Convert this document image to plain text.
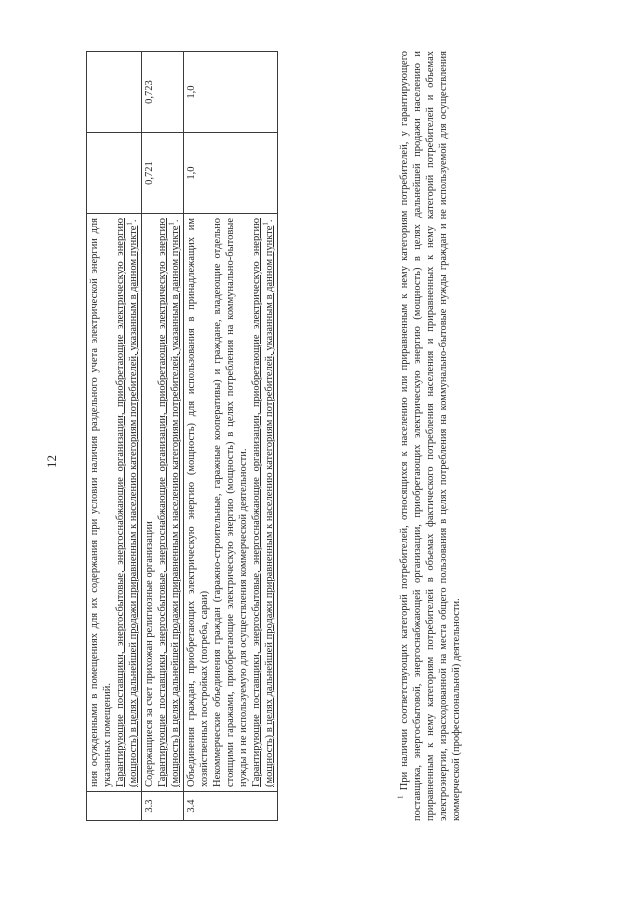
12

	ния осужденными в помещениях для их содержания при условии наличия раздельного учета электрической энергии для указанных помещений. Гарантирующие поставщики, энергосбытовые, энергоснабжающие организации, приобретающие электрическую энергию (мощность) в целях дальнейшей продажи приравненным к населению категориям потребителей, указанным в данном пункте$^1$.		

3.3	Содержащиеся за счет прихожан религиозные организации Гарантирующие поставщики, энергосбытовые, энергоснабжающие организации, приобретающие электрическую энергию (мощность) в целях дальнейшей продажи приравненным к населению категориям потребителей, указанным в данном пункте$^1$.	0,721	0,723
3.4	Объединения граждан, приобретающих электрическую энергию (мощность) для использования в принадлежащих им хозяйственных постройках (погреба, сараи) Некоммерческие объединения граждан (гаражно-строительные, гаражные кооперативы) и граждане, владеющие отдельно стоящими гаражами, приобретающие электрическую энергию (мощность) в целях потребления на коммунально-бытовые нужды и не используемую для осуществления коммерческой деятельности. Гарантирующие поставщики, энергосбытовые, энергоснабжающие организации, приобретающие электрическую энергию (мощность) в целях дальнейшей продажи приравненным к населению категориям потребителей, указанным в данном пункте$^1$.	1,0	1,0
$^1$ При наличии соответствующих категорий потребителей, относящихся к населению или приравненным к нему категориям потребителей, у гарантирующего поставщика, энергосбытовой, энергоснабжающей организации, приобретающих электрическую энергию (мощность) в целях дальнейшей продажи населению и приравненным к нему категориям потребителей в объемах фактического потребления населения и приравненных к нему категорий потребителей и объемах электроэнергии, израсходованной на места общего пользования в целях потребления на коммунально-бытовые нужды граждан и не используемой для осуществления коммерческой (профессиональной) деятельности.
